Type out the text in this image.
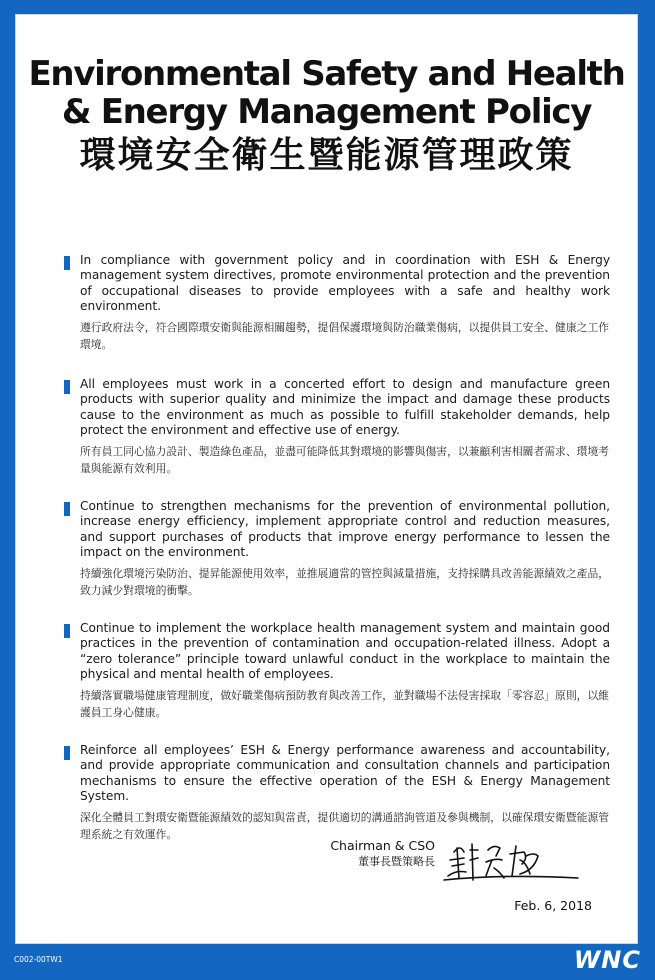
Environmental Safety and Health
& Energy Management Policy
環境安全衛生暨能源管理政策

In compliance with government policy and in coordination with ESH & Energy management system directives, promote environmental protection and the prevention of occupational diseases to provide employees with a safe and healthy work environment.

遵行政府法令，符合國際環安衛與能源相關趨勢，提倡保護環境與防治職業傷病，以提供員工安全、健康之工作環境。

All employees must work in a concerted effort to design and manufacture green products with superior quality and minimize the impact and damage these products cause to the environment as much as possible to fulfill stakeholder demands, help protect the environment and effective use of energy.

所有員工同心協力設計、製造綠色產品，並盡可能降低其對環境的影響與傷害，以兼顧利害相關者需求、環境考量與能源有效利用。

Continue to strengthen mechanisms for the prevention of environmental pollution, increase energy efficiency, implement appropriate control and reduction measures, and support purchases of products that improve energy performance to lessen the impact on the environment.

持續強化環境污染防治、提昇能源使用效率，並推展適當的管控與減量措施，支持採購具改善能源績效之產品，致力減少對環境的衝擊。

Continue to implement the workplace health management system and maintain good practices in the prevention of contamination and occupation-related illness. Adopt a “zero tolerance” principle toward unlawful conduct in the workplace to maintain the physical and mental health of employees.

持續落實職場健康管理制度，做好職業傷病預防教育與改善工作，並對職場不法侵害採取「零容忍」原則，以維護員工身心健康。

Reinforce all employees’ ESH & Energy performance awareness and accountability, and provide appropriate communication and consultation channels and participation mechanisms to ensure the effective operation of the ESH & Energy Management System.

深化全體員工對環安衛暨能源績效的認知與當責，提供適切的溝通諮詢管道及參與機制，以確保環安衛暨能源管理系統之有效運作。

Chairman & CSO
董事長暨策略長
Feb. 6, 2018
C002-00TW1	WNC
